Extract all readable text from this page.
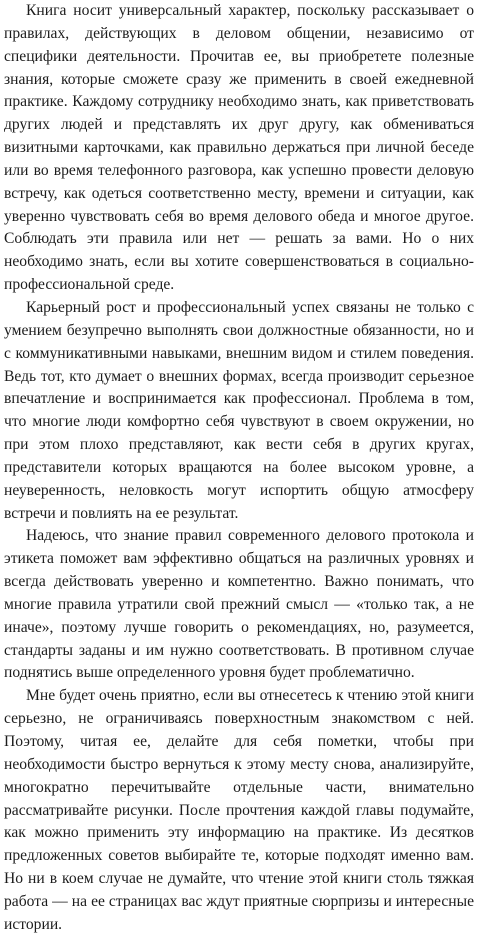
Книга носит универсальный характер, поскольку рассказывает о правилах, действующих в деловом общении, независимо от специфики деятельности. Прочитав ее, вы приобретете полезные знания, которые сможете сразу же применить в своей ежедневной практике. Каждому сотруднику необходимо знать, как приветствовать других людей и представлять их друг другу, как обмениваться визитными карточками, как правильно держаться при личной беседе или во время телефонного разговора, как успешно провести деловую встречу, как одеться соответственно месту, времени и ситуации, как уверенно чувствовать себя во время делового обеда и многое другое. Соблюдать эти правила или нет — решать за вами. Но о них необходимо знать, если вы хотите совершенствоваться в социально-профессиональной среде.

Карьерный рост и профессиональный успех связаны не только с умением безупречно выполнять свои должностные обязанности, но и с коммуникативными навыками, внешним видом и стилем поведения. Ведь тот, кто думает о внешних формах, всегда производит серьезное впечатление и воспринимается как профессионал. Проблема в том, что многие люди комфортно себя чувствуют в своем окружении, но при этом плохо представляют, как вести себя в других кругах, представители которых вращаются на более высоком уровне, а неуверенность, неловкость могут испортить общую атмосферу встречи и повлиять на ее результат.

Надеюсь, что знание правил современного делового протокола и этикета поможет вам эффективно общаться на различных уровнях и всегда действовать уверенно и компетентно. Важно понимать, что многие правила утратили свой прежний смысл — «только так, а не иначе», поэтому лучше говорить о рекомендациях, но, разумеется, стандарты заданы и им нужно соответствовать. В противном случае поднятись выше определенного уровня будет проблематично.

Мне будет очень приятно, если вы отнесетесь к чтению этой книги серьезно, не ограничиваясь поверхностным знакомством с ней. Поэтому, читая ее, делайте для себя пометки, чтобы при необходимости быстро вернуться к этому месту снова, анализируйте, многократно перечитывайте отдельные части, внимательно рассматривайте рисунки. После прочтения каждой главы подумайте, как можно применить эту информацию на практике. Из десятков предложенных советов выбирайте те, которые подходят именно вам. Но ни в коем случае не думайте, что чтение этой книги столь тяжкая работа — на ее страницах вас ждут приятные сюрпризы и интересные истории.
